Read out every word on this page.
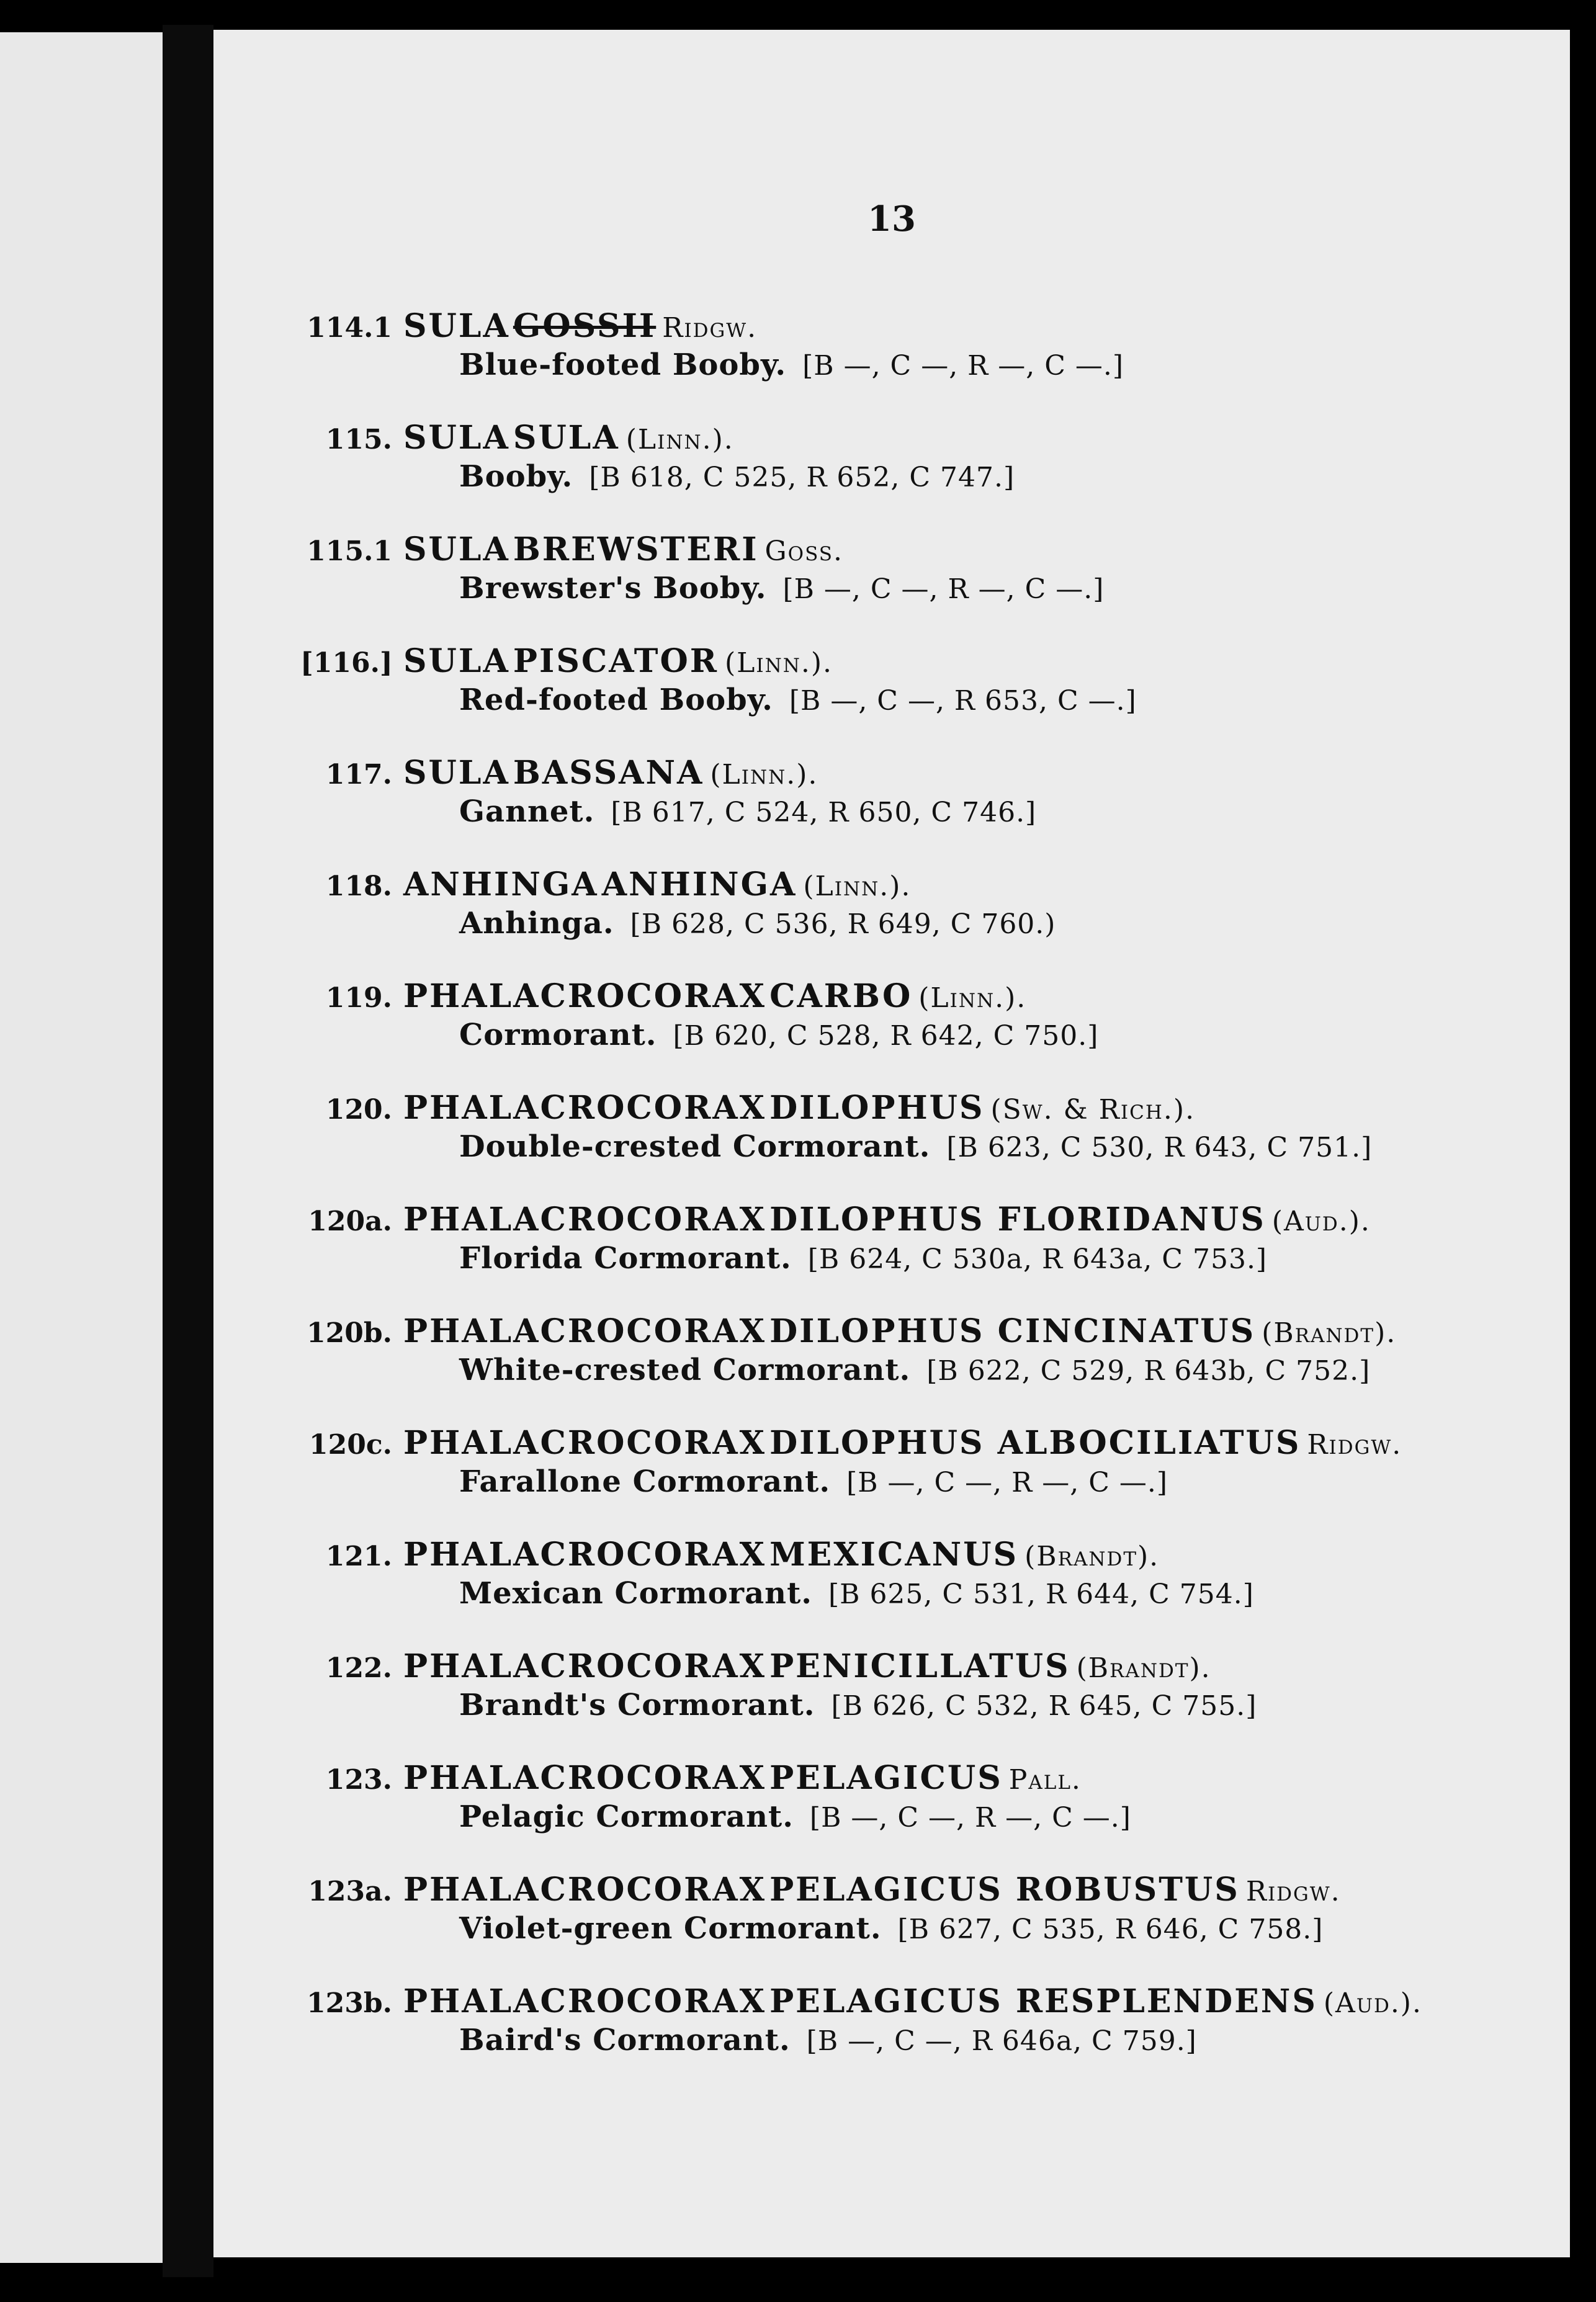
13
114.1 SULA GOSSII Ridgw.
Blue-footed Booby. [B —, C —, R —, C —.]
115. SULA SULA (Linn.).
Booby. [B 618, C 525, R 652, C 747.]
115.1 SULA BREWSTERI Goss.
Brewster's Booby. [B —, C —, R —, C —.]
[116.] SULA PISCATOR (Linn.).
Red-footed Booby. [B —, C —, R 653, C —.]
117. SULA BASSANA (Linn.).
Gannet. [B 617, C 524, R 650, C 746.]
118. ANHINGA ANHINGA (Linn.).
Anhinga. [B 628, C 536, R 649, C 760.)
119. PHALACROCORAX CARBO (Linn.).
Cormorant. [B 620, C 528, R 642, C 750.]
120. PHALACROCORAX DILOPHUS (Sw. & Rich.).
Double-crested Cormorant. [B 623, C 530, R 643, C 751.]
120a. PHALACROCORAX DILOPHUS FLORIDANUS (Aud.).
Florida Cormorant. [B 624, C 530a, R 643a, C 753.]
120b. PHALACROCORAX DILOPHUS CINCINATUS (Brandt).
White-crested Cormorant. [B 622, C 529, R 643b, C 752.]
120c. PHALACROCORAX DILOPHUS ALBOCILIATUS Ridgw.
Farallone Cormorant. [B —, C —, R —, C —.]
121. PHALACROCORAX MEXICANUS (Brandt).
Mexican Cormorant. [B 625, C 531, R 644, C 754.]
122. PHALACROCORAX PENICILLATUS (Brandt).
Brandt's Cormorant. [B 626, C 532, R 645, C 755.]
123. PHALACROCORAX PELAGICUS Pall.
Pelagic Cormorant. [B —, C —, R —, C —.]
123a. PHALACROCORAX PELAGICUS ROBUSTUS Ridgw.
Violet-green Cormorant. [B 627, C 535, R 646, C 758.]
123b. PHALACROCORAX PELAGICUS RESPLENDENS (Aud.).
Baird's Cormorant. [B —, C —, R 646a, C 759.]
